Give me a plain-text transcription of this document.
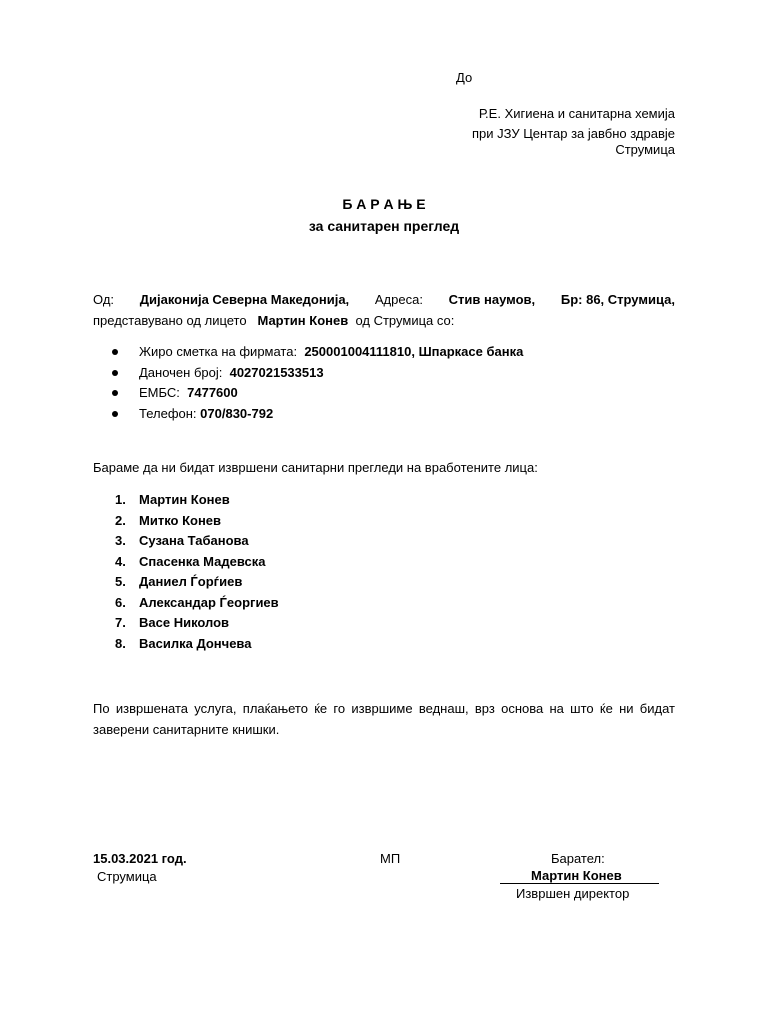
До
Р.Е. Хигиена и санитарна хемија
при ЈЗУ Центар за јавбно здравје
Струмица
Б А Р А Њ Е
за санитарен преглед
Од: Дијаконија Северна Македонија, Адреса: Стив наумов, Бр: 86, Струмица,
представувано од лицето Мартин Конев од Струмица со:
Жиро сметка на фирмата: 250001004111810, Шпаркасе банка
Даночен број: 4027021533513
ЕМБС: 7477600
Телефон: 070/830-792
Бараме да ни бидат извршени санитарни прегледи на вработените лица:
1. Мартин Конев
2. Митко Конев
3. Сузана Табанова
4. Спасенка Мадевска
5. Даниел Ѓорѓиев
6. Александар Ѓеоргиев
7. Васе Николов
8. Василка Дончева
По извршената услуга, плаќањето ќе го извршиме веднаш, врз основа на што ќе ни бидат заверени санитарните книшки.
15.03.2021 год.
Струмица
МП	Барател:
Мартин Конев
Извршен директор
